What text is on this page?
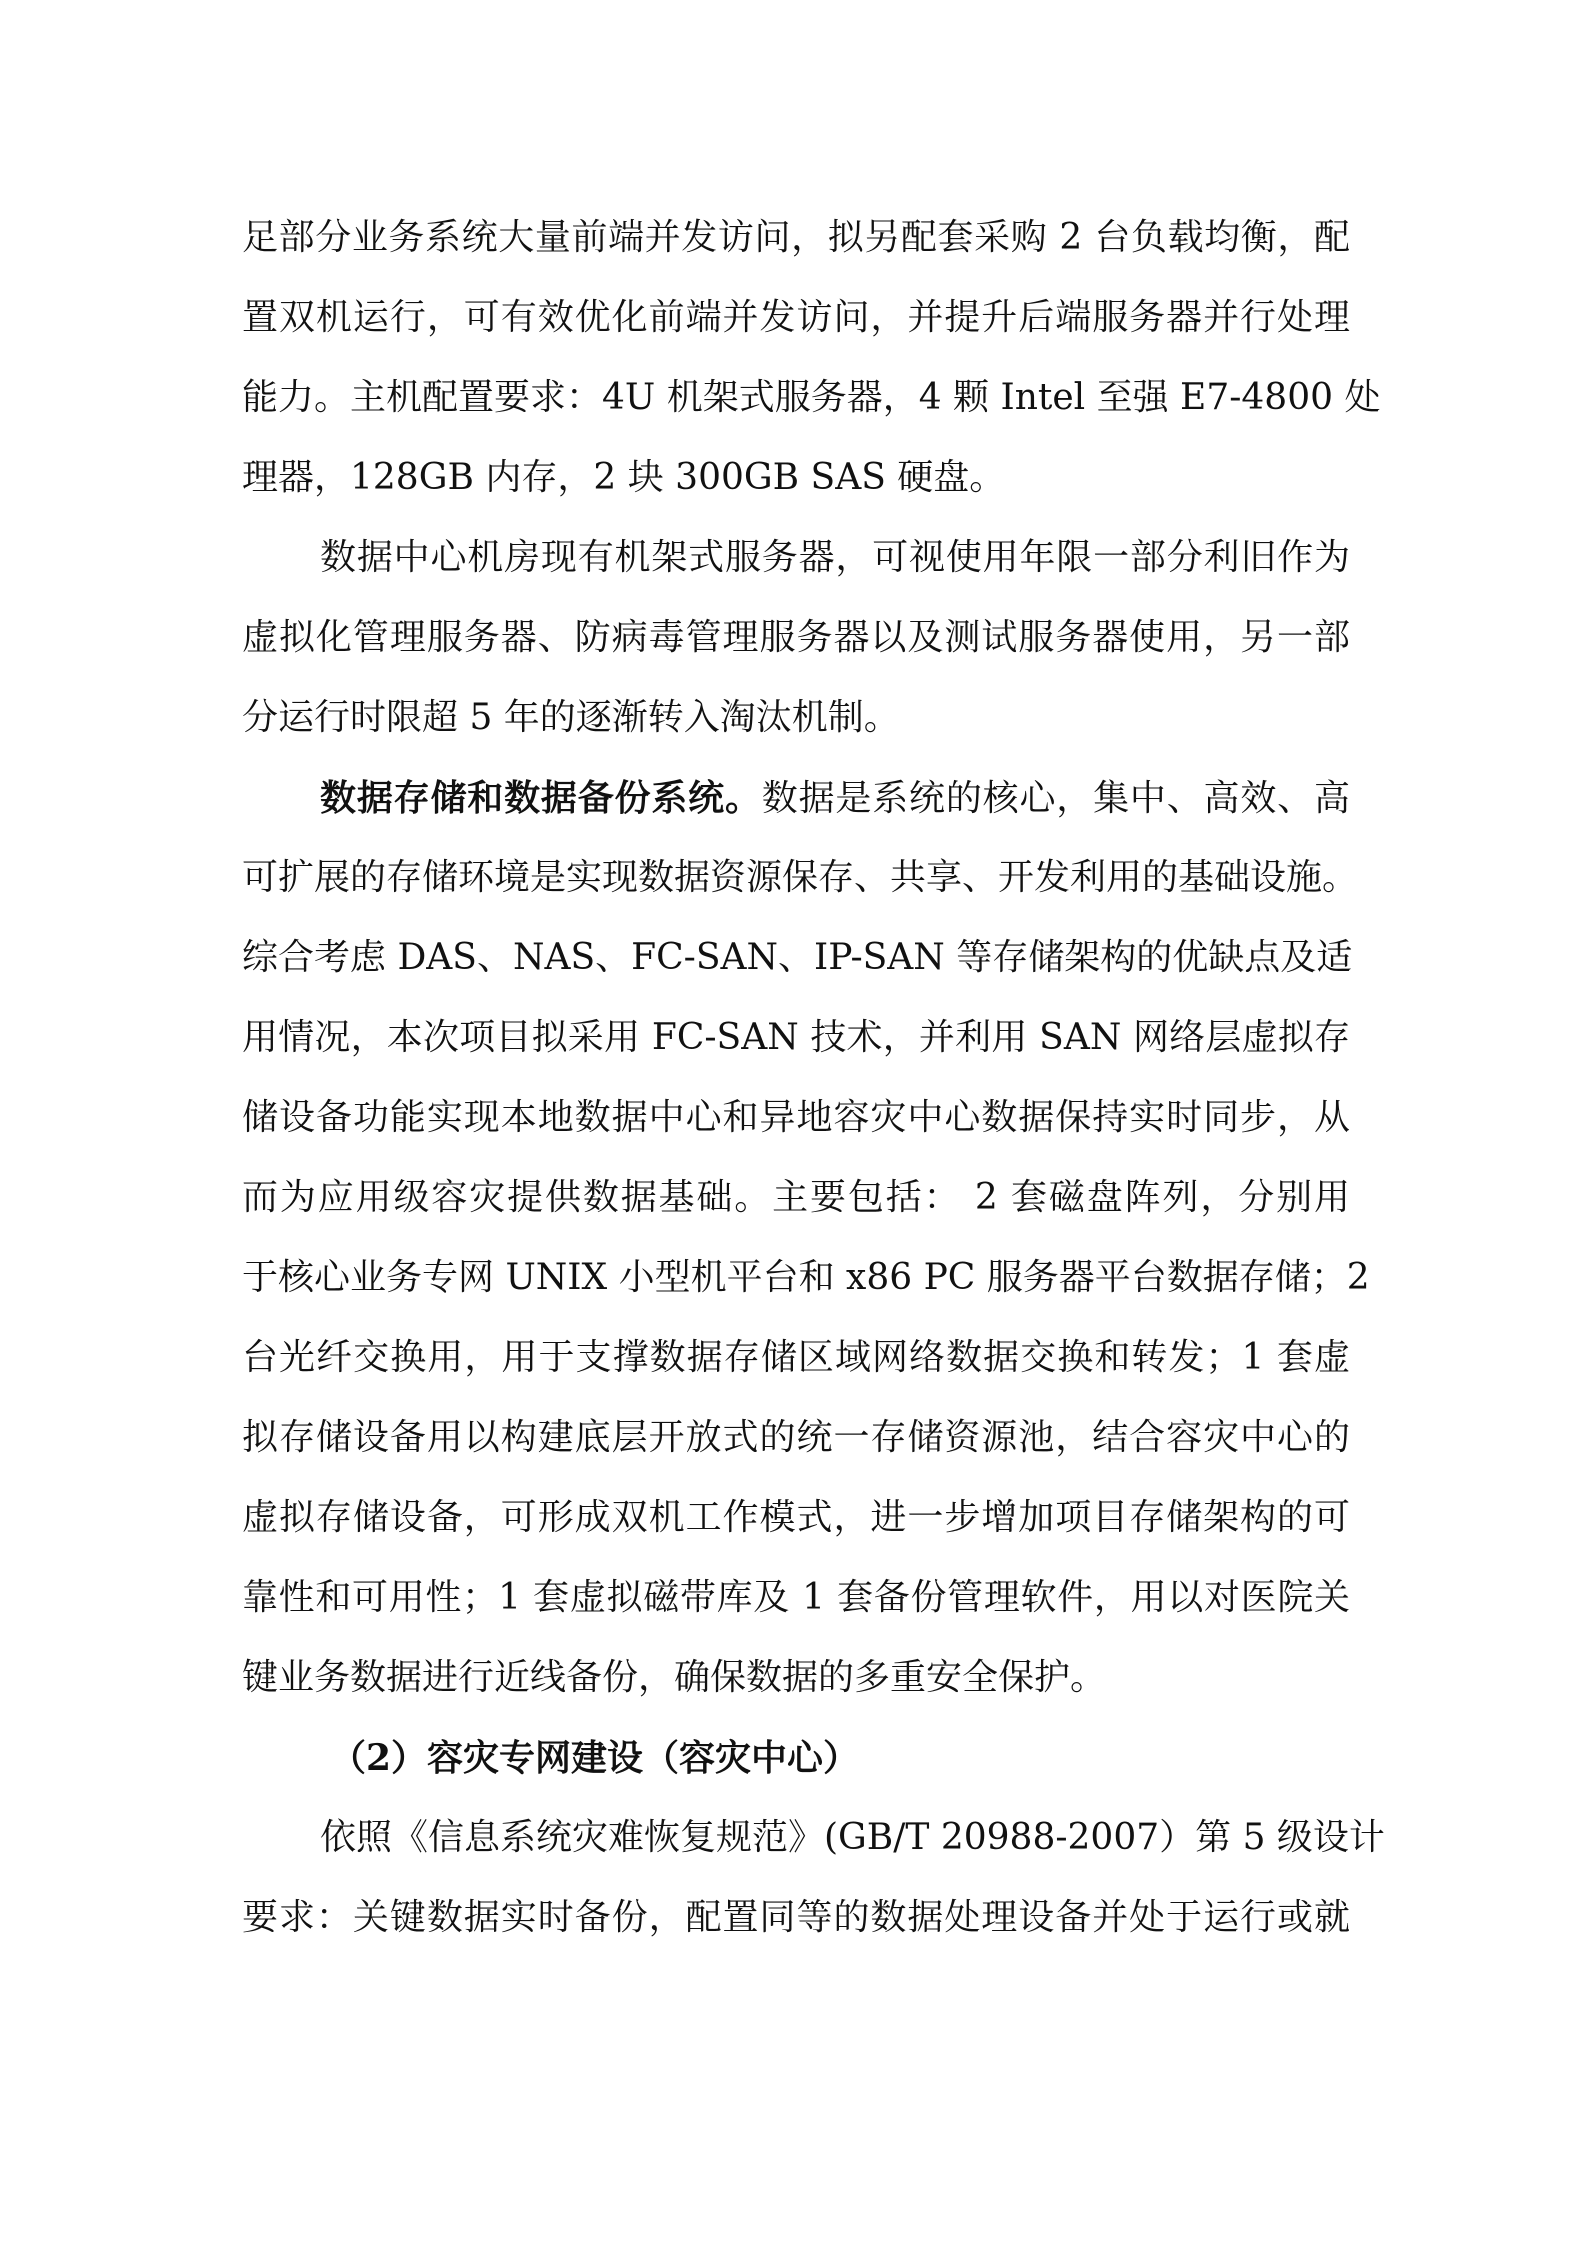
足部分业务系统大量前端并发访问，拟另配套采购 2 台负载均衡，配
置双机运行，可有效优化前端并发访问，并提升后端服务器并行处理
能力。主机配置要求：4U 机架式服务器，4 颗 Intel 至强 E7-4800 处
理器，128GB 内存，2 块 300GB SAS 硬盘。
数据中心机房现有机架式服务器，可视使用年限一部分利旧作为
虚拟化管理服务器、防病毒管理服务器以及测试服务器使用，另一部
分运行时限超 5 年的逐渐转入淘汰机制。
数据存储和数据备份系统。数据是系统的核心，集中、高效、高
可扩展的存储环境是实现数据资源保存、共享、开发利用的基础设施。
综合考虑 DAS、NAS、FC-SAN、IP-SAN 等存储架构的优缺点及适
用情况，本次项目拟采用 FC-SAN 技术，并利用 SAN 网络层虚拟存
储设备功能实现本地数据中心和异地容灾中心数据保持实时同步，从
而为应用级容灾提供数据基础。主要包括： 2 套磁盘阵列，分别用
于核心业务专网 UNIX 小型机平台和 x86 PC 服务器平台数据存储；2
台光纤交换用，用于支撑数据存储区域网络数据交换和转发；1 套虚
拟存储设备用以构建底层开放式的统一存储资源池，结合容灾中心的
虚拟存储设备，可形成双机工作模式，进一步增加项目存储架构的可
靠性和可用性；1 套虚拟磁带库及 1 套备份管理软件，用以对医院关
键业务数据进行近线备份，确保数据的多重安全保护。
（2）容灾专网建设（容灾中心）
依照《信息系统灾难恢复规范》(GB/T 20988-2007）第 5 级设计
要求：关键数据实时备份，配置同等的数据处理设备并处于运行或就
